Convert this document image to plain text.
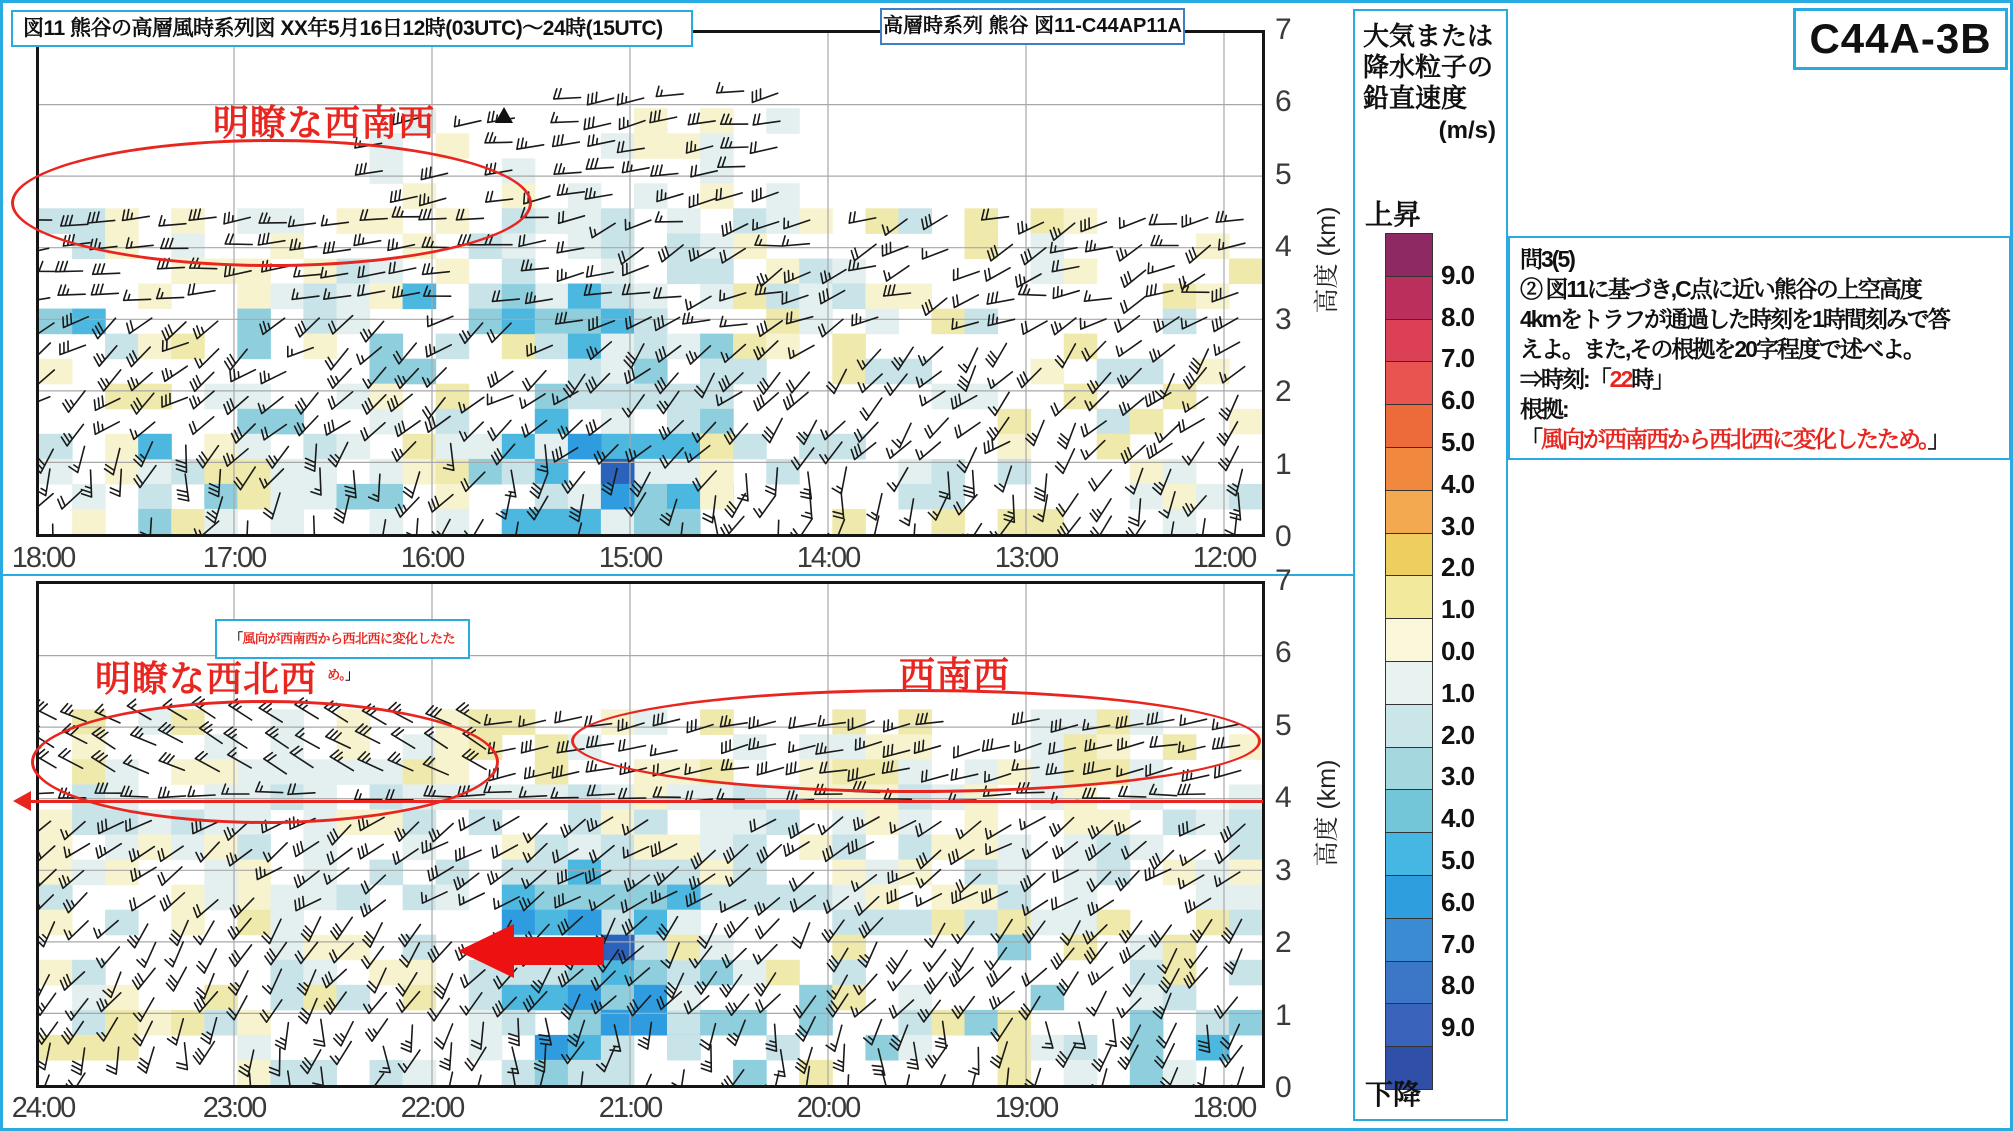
18:00	17:00	16:00	15:00	14:00	13:00	12:00
24:00	23:00	22:00	21:00	20:00	19:00	18:00
7
6
5
4
3
2
1
0
7
6
5
4
3
2
1
0
高度 (km)
高度 (km)
図11 熊谷の高層風時系列図 XX年5月16日12時(03UTC)～24時(15UTC)	高層時系列 熊谷 図11-C44AP11A	C44A-3B
大気または
降水粒子の
鉛直速度
(m/s)
上昇
9.0
8.0
7.0
6.0
5.0
4.0
3.0
2.0
1.0
0.0
1.0
2.0
3.0
4.0
5.0
6.0
7.0
8.0
9.0
下降
問3(5)
② 図11に基づき,C点に近い熊谷の上空高度
4kmをトラフが通過した時刻を1時間刻みで答
えよ。また,その根拠を20字程度で述べよ。
⇒時刻:「22時」
根拠:
「風向が西南西から西北西に変化したため。」
明瞭な西南西
「風向が西南西から西北西に変化したため。」
明瞭な西北西	西南西
